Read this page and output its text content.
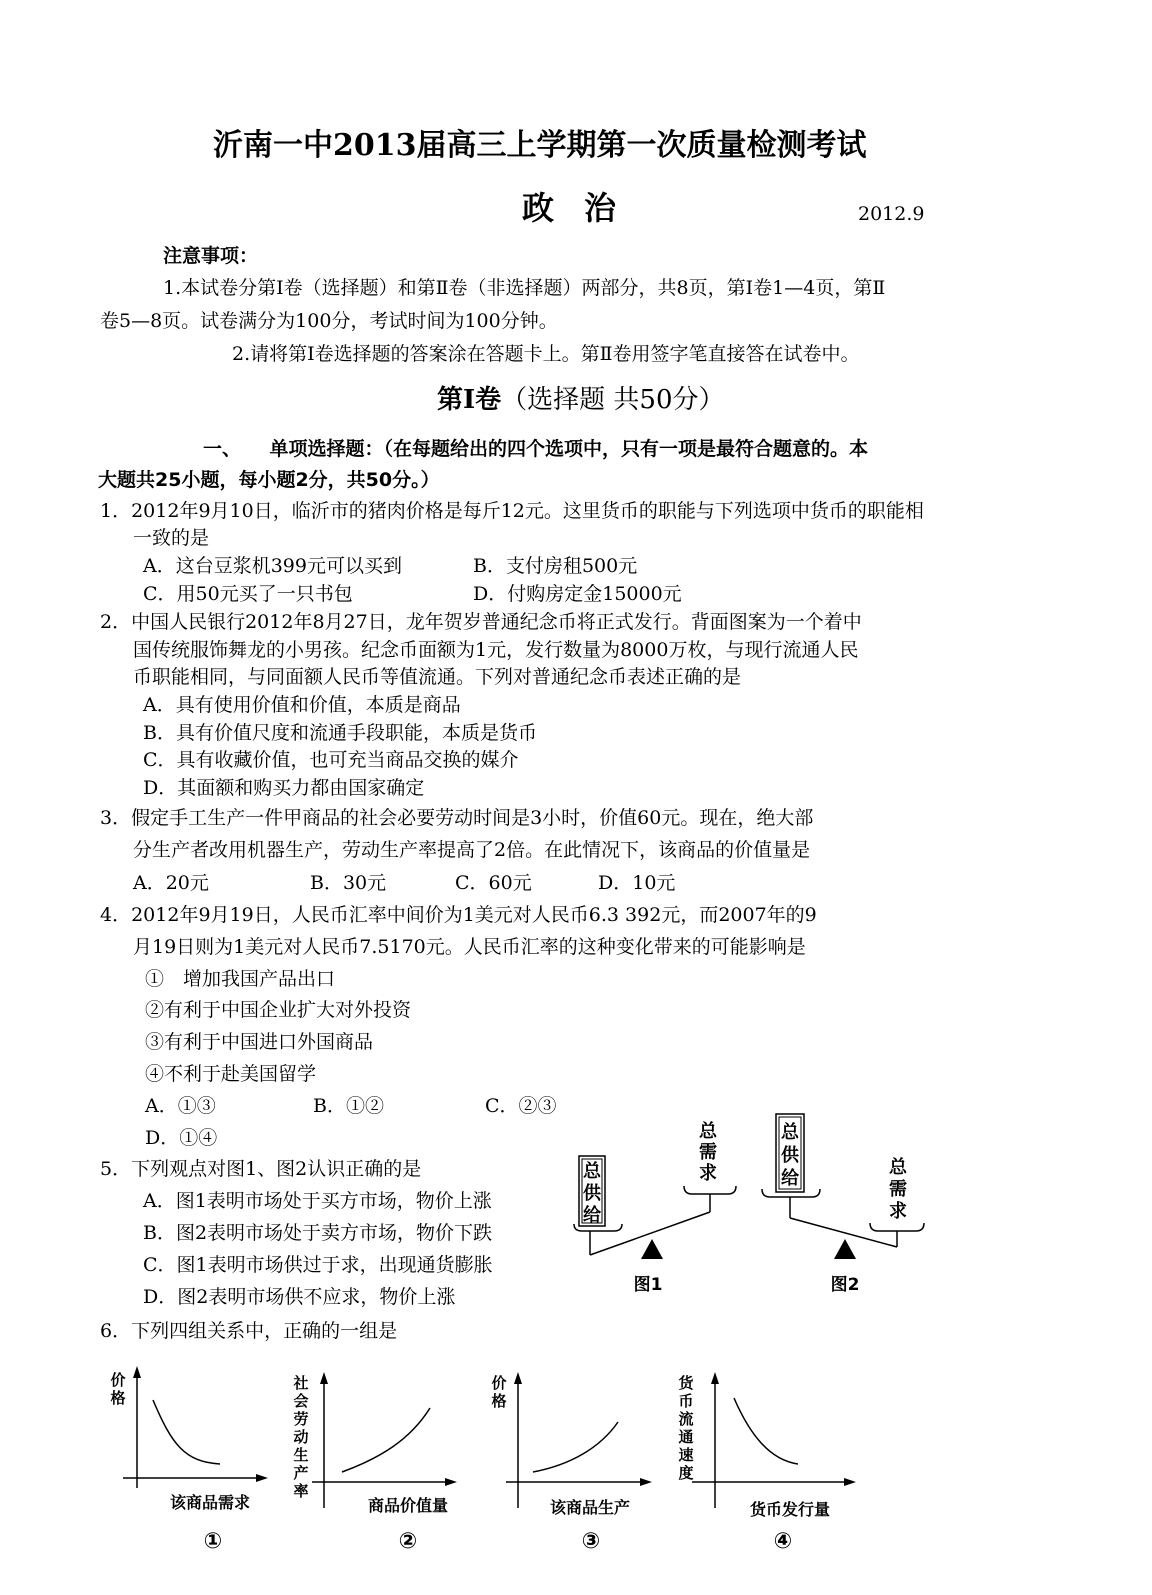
沂南一中2013届高三上学期第一次质量检测考试
政治	2012.9
注意事项：
1.本试卷分第Ⅰ卷（选择题）和第Ⅱ卷（非选择题）两部分，共8页，第Ⅰ卷1—4页，第Ⅱ
卷5—8页。试卷满分为100分，考试时间为100分钟。
2.请将第Ⅰ卷选择题的答案涂在答题卡上。第Ⅱ卷用签字笔直接答在试卷中。
第Ⅰ卷（选择题 共50分）
一、　　单项选择题：（在每题给出的四个选项中，只有一项是最符合题意的。本
大题共25小题，每小题2分，共50分。）
1．2012年9月10日，临沂市的猪肉价格是每斤12元。这里货币的职能与下列选项中货币的职能相
一致的是
A．这台豆浆机399元可以买到	B．支付房租500元
C．用50元买了一只书包	D．付购房定金15000元
2．中国人民银行2012年8月27日，龙年贺岁普通纪念币将正式发行。背面图案为一个着中
国传统服饰舞龙的小男孩。纪念币面额为1元，发行数量为8000万枚，与现行流通人民
币职能相同，与同面额人民币等值流通。下列对普通纪念币表述正确的是
A．具有使用价值和价值，本质是商品
B．具有价值尺度和流通手段职能，本质是货币
C．具有收藏价值，也可充当商品交换的媒介
D．其面额和购买力都由国家确定
3．假定手工生产一件甲商品的社会必要劳动时间是3小时，价值60元。现在，绝大部
分生产者改用机器生产，劳动生产率提高了2倍。在此情况下，该商品的价值量是
A．20元	B．30元	C．60元	D．10元
4．2012年9月19日，人民币汇率中间价为1美元对人民币6.3 392元，而2007年的9
月19日则为1美元对人民币7.5170元。人民币汇率的这种变化带来的可能影响是
①　增加我国产品出口
②有利于中国企业扩大对外投资
③有利于中国进口外国商品
④不利于赴美国留学
A．①③	B．①②	C．②③
D．①④
5．下列观点对图1、图2认识正确的是
A．图1表明市场处于买方市场，物价上涨
B．图2表明市场处于卖方市场，物价下跌
C．图1表明市场供过于求，出现通货膨胀
D．图2表明市场供不应求，物价上涨
6．下列四组关系中，正确的一组是
总
供
给
总
需
求
图1
总
供
给
总
需
求
图2
价
格
该商品需求
①
社
会
劳
动
生
产
率
商品价值量
②
价
格
该商品生产
③
货
币
流
通
速
度
货币发行量
④
